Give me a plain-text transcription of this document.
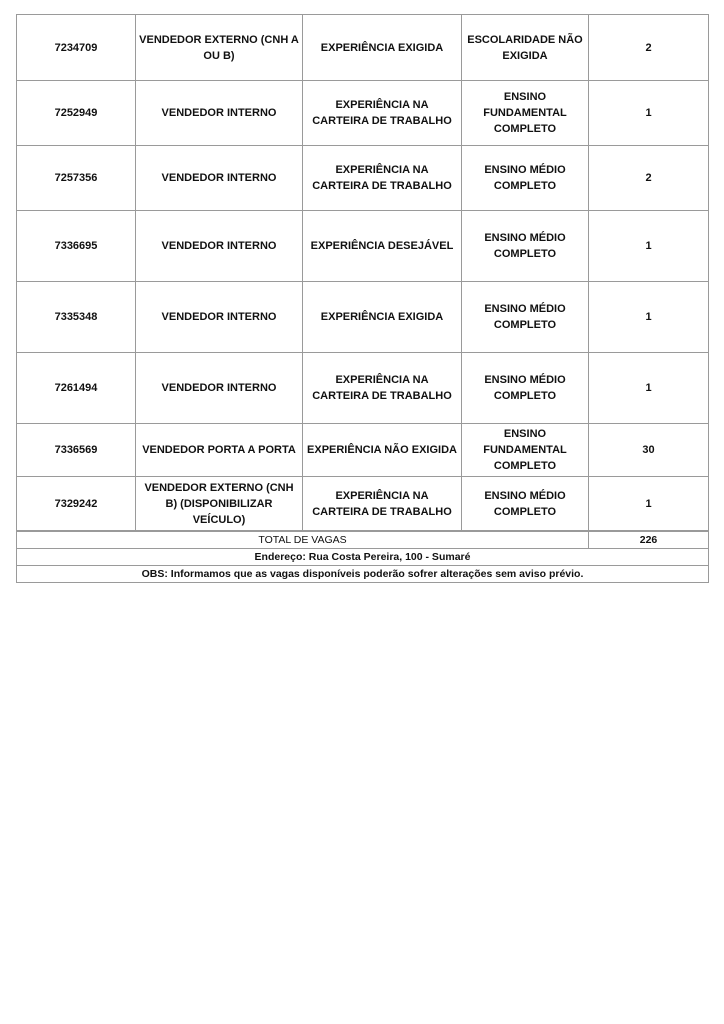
7234709	VENDEDOR EXTERNO (CNH A OU B)	EXPERIÊNCIA EXIGIDA	ESCOLARIDADE NÃO EXIGIDA	2
7252949	VENDEDOR INTERNO	EXPERIÊNCIA NA CARTEIRA DE TRABALHO	ENSINO FUNDAMENTAL COMPLETO	1
7257356	VENDEDOR INTERNO	EXPERIÊNCIA NA CARTEIRA DE TRABALHO	ENSINO MÉDIO COMPLETO	2
7336695	VENDEDOR INTERNO	EXPERIÊNCIA DESEJÁVEL	ENSINO MÉDIO COMPLETO	1
7335348	VENDEDOR INTERNO	EXPERIÊNCIA EXIGIDA	ENSINO MÉDIO COMPLETO	1
7261494	VENDEDOR INTERNO	EXPERIÊNCIA NA CARTEIRA DE TRABALHO	ENSINO MÉDIO COMPLETO	1
7336569	VENDEDOR PORTA A PORTA	EXPERIÊNCIA NÃO EXIGIDA	ENSINO FUNDAMENTAL COMPLETO	30
7329242	VENDEDOR EXTERNO (CNH B) (DISPONIBILIZAR VEÍCULO)	EXPERIÊNCIA NA CARTEIRA DE TRABALHO	ENSINO MÉDIO COMPLETO	1
TOTAL DE VAGAS	226
Endereço: Rua Costa Pereira, 100 - Sumaré
OBS: Informamos que as vagas disponíveis poderão sofrer alterações sem aviso prévio.
